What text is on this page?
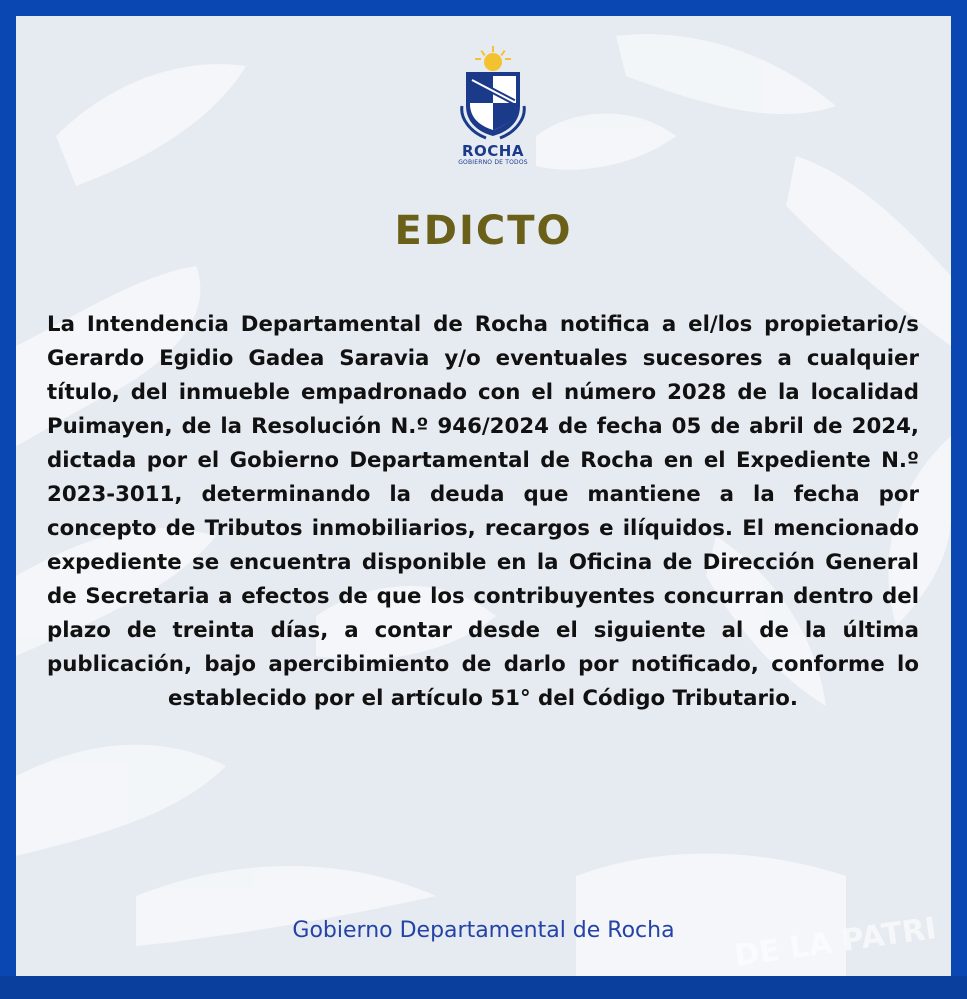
DE LA PATRI
ROCHA
GOBIERNO DE TODOS
EDICTO
La Intendencia Departamental de Rocha notifica a el/los propietario/s Gerardo Egidio Gadea Saravia y/o eventuales sucesores a cualquier título, del inmueble empadronado con el número 2028 de la localidad Puimayen, de la Resolución N.º 946/2024 de fecha 05 de abril de 2024, dictada por el Gobierno Departamental de Rocha en el Expediente N.º 2023-3011, determinando la deuda que mantiene a la fecha por concepto de Tributos inmobiliarios, recargos e ilíquidos. El mencionado expediente se encuentra disponible en la Oficina de Dirección General de Secretaria a efectos de que los contribuyentes concurran dentro del plazo de treinta días, a contar desde el siguiente al de la última publicación, bajo apercibimiento de darlo por notificado, conforme lo establecido por el artículo 51° del Código Tributario.
Gobierno Departamental de Rocha
